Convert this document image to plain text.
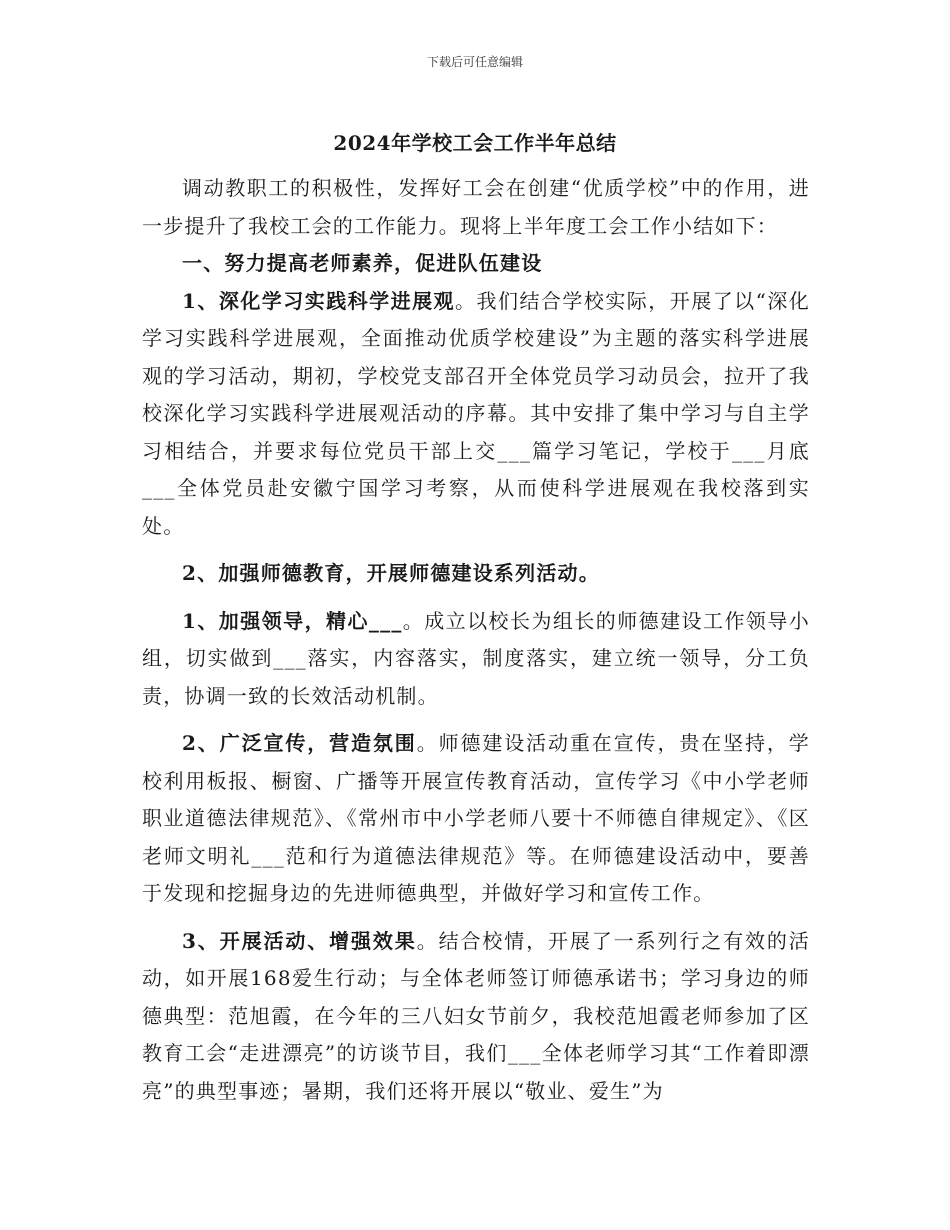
下载后可任意编辑
2024年学校工会工作半年总结

调动教职工的积极性，发挥好工会在创建“优质学校”中的作用，进一步提升了我校工会的工作能力。现将上半年度工会工作小结如下：

一、努力提高老师素养，促进队伍建设

1、深化学习实践科学进展观。我们结合学校实际，开展了以“深化学习实践科学进展观，全面推动优质学校建设”为主题的落实科学进展观的学习活动，期初，学校党支部召开全体党员学习动员会，拉开了我校深化学习实践科学进展观活动的序幕。其中安排了集中学习与自主学习相结合，并要求每位党员干部上交___篇学习笔记，学校于___月底___全体党员赴安徽宁国学习考察，从而使科学进展观在我校落到实处。

2、加强师德教育，开展师德建设系列活动。

1、加强领导，精心___。成立以校长为组长的师德建设工作领导小组，切实做到___落实，内容落实，制度落实，建立统一领导，分工负责，协调一致的长效活动机制。

2、广泛宣传，营造氛围。师德建设活动重在宣传，贵在坚持，学校利用板报、橱窗、广播等开展宣传教育活动，宣传学习《中小学老师职业道德法律规范》、《常州市中小学老师八要十不师德自律规定》、《区老师文明礼___范和行为道德法律规范》等。在师德建设活动中，要善于发现和挖掘身边的先进师德典型，并做好学习和宣传工作。

3、开展活动、增强效果。结合校情，开展了一系列行之有效的活动，如开展168爱生行动；与全体老师签订师德承诺书；学习身边的师德典型：范旭霞，在今年的三八妇女节前夕，我校范旭霞老师参加了区教育工会“走进漂亮”的访谈节目，我们___全体老师学习其“工作着即漂亮”的典型事迹；暑期，我们还将开展以“敬业、爱生”为
